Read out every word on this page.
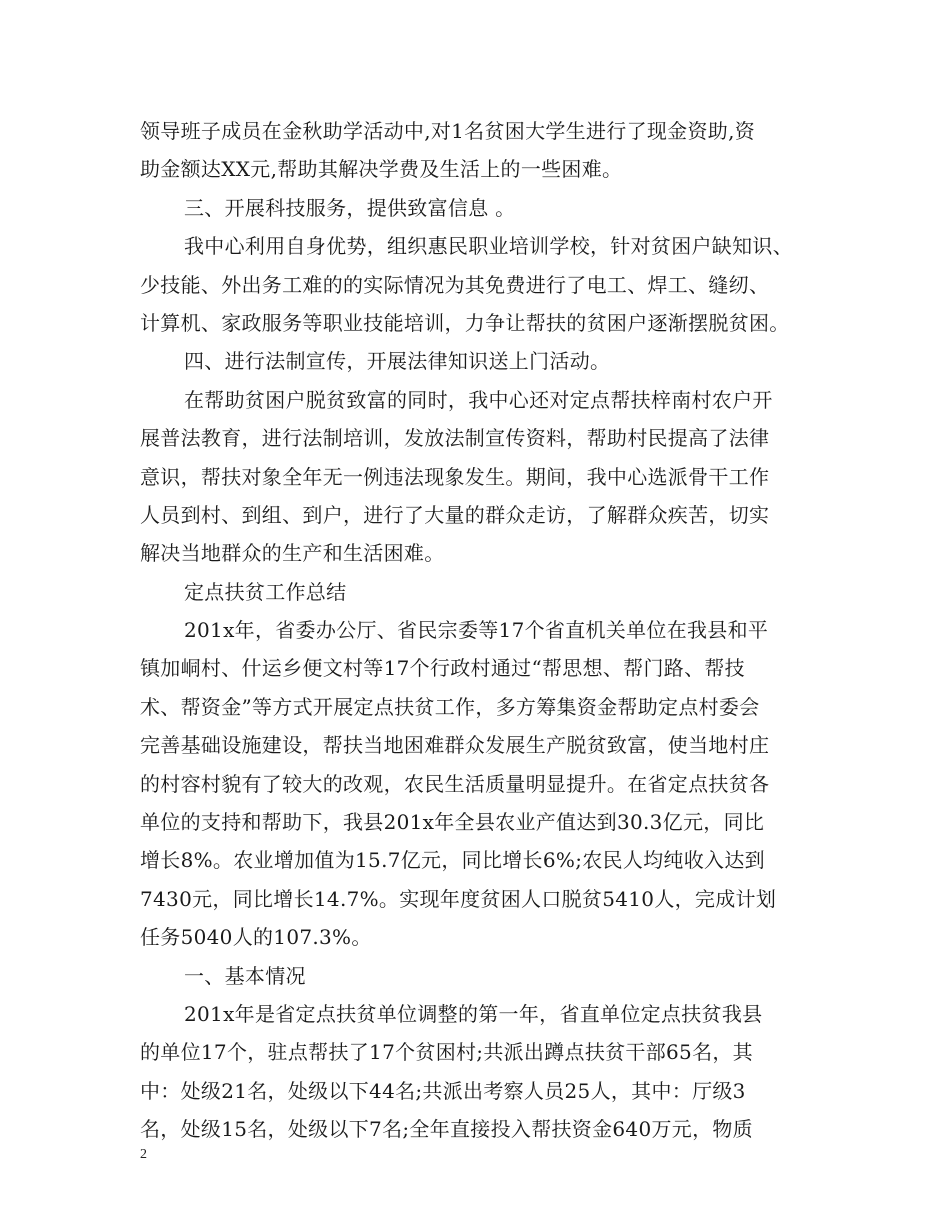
领导班子成员在金秋助学活动中,对1名贫困大学生进行了现金资助,资
助金额达XX元,帮助其解决学费及生活上的一些困难。
三、开展科技服务，提供致富信息 。
我中心利用自身优势，组织惠民职业培训学校，针对贫困户缺知识、
少技能、外出务工难的的实际情况为其免费进行了电工、焊工、缝纫、
计算机、家政服务等职业技能培训，力争让帮扶的贫困户逐渐摆脱贫困。
四、进行法制宣传，开展法律知识送上门活动。
在帮助贫困户脱贫致富的同时，我中心还对定点帮扶梓南村农户开
展普法教育，进行法制培训，发放法制宣传资料，帮助村民提高了法律
意识，帮扶对象全年无一例违法现象发生。期间，我中心选派骨干工作
人员到村、到组、到户，进行了大量的群众走访，了解群众疾苦，切实
解决当地群众的生产和生活困难。
定点扶贫工作总结
201x年，省委办公厅、省民宗委等17个省直机关单位在我县和平
镇加峒村、什运乡便文村等17个行政村通过“帮思想、帮门路、帮技
术、帮资金”等方式开展定点扶贫工作，多方筹集资金帮助定点村委会
完善基础设施建设，帮扶当地困难群众发展生产脱贫致富，使当地村庄
的村容村貌有了较大的改观，农民生活质量明显提升。在省定点扶贫各
单位的支持和帮助下，我县201x年全县农业产值达到30.3亿元，同比
增长8%。农业增加值为15.7亿元，同比增长6%;农民人均纯收入达到
7430元，同比增长14.7%。实现年度贫困人口脱贫5410人，完成计划
任务5040人的107.3%。
一、基本情况
201x年是省定点扶贫单位调整的第一年，省直单位定点扶贫我县
的单位17个，驻点帮扶了17个贫困村;共派出蹲点扶贫干部65名，其
中：处级21名，处级以下44名;共派出考察人员25人，其中：厅级3
名，处级15名，处级以下7名;全年直接投入帮扶资金640万元，物质
2
